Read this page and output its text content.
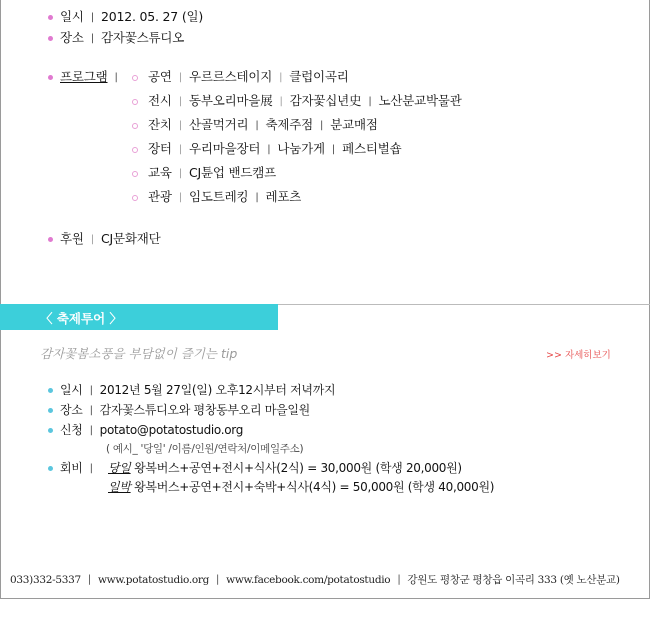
일시 | 2012. 05. 27 (일)
장소 | 감자꽃스튜디오
프로그램 |	공연 | 우르르스테이지 | 클럽이곡리
전시 | 동부오리마을展 | 감자꽃십년史 | 노산분교박물관
잔치 | 산골먹거리 | 축제주점 | 분교매점
장터 | 우리마을장터 | 나눔가게 | 페스티벌숍
교육 | CJ튠업 밴드캠프
관광 | 임도트레킹 | 레포츠
후원 | CJ문화재단
〈 축제투어 〉
감자꽃봄소풍을 부담없이 즐기는 tip	>> 자세히보기
일시 | 2012년 5월 27일(일) 오후12시부터 저녁까지
장소 | 감자꽃스튜디오와 평창동부오리 마을일원
신청 | potato@potatostudio.org
( 예시_ '당일' /이름/인원/연락처/이메일주소)
회비 |	당일 왕복버스+공연+전시+식사(2식) = 30,000원 (학생 20,000원)
일박 왕복버스+공연+전시+숙박+식사(4식) = 50,000원 (학생 40,000원)
033)332-5337 | www.potatostudio.org | www.facebook.com/potatostudio | 강원도 평창군 평창읍 이곡리 333 (옛 노산분교)
